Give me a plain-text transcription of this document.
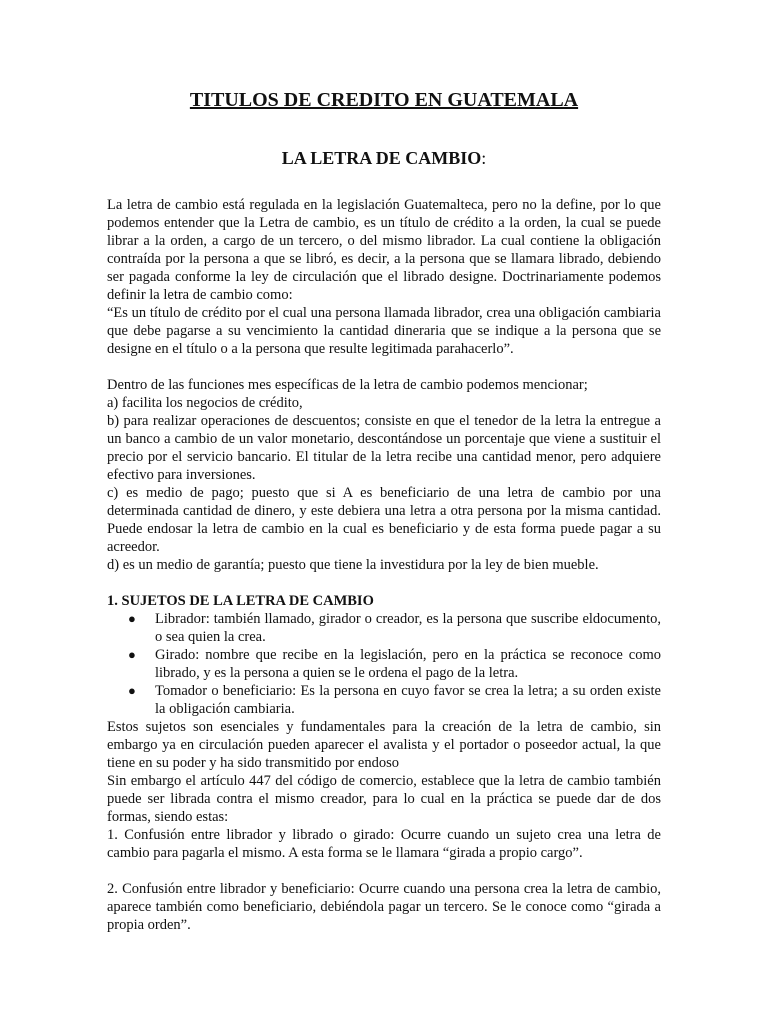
TITULOS DE CREDITO EN GUATEMALA
LA LETRA DE CAMBIO:

La letra de cambio está regulada en la legislación Guatemalteca, pero no la define, por lo que podemos entender que la Letra de cambio, es un título de crédito a la orden, la cual se puede librar a la orden, a cargo de un tercero, o del mismo librador. La cual contiene la obligación contraída por la persona a que se libró, es decir, a la persona que se llamara librado, debiendo ser pagada conforme la ley de circulación que el librado designe. Doctrinariamente podemos definir la letra de cambio como:

“Es un título de crédito por el cual una persona llamada librador, crea una obligación cambiaria que debe pagarse a su vencimiento la cantidad dineraria que se indique a la persona que se designe en el título o a la persona que resulte legitimada parahacerlo”.

Dentro de las funciones mes específicas de la letra de cambio podemos mencionar;

a) facilita los negocios de crédito,

b) para realizar operaciones de descuentos; consiste en que el tenedor de la letra la entregue a un banco a cambio de un valor monetario, descontándose un porcentaje que viene a sustituir el precio por el servicio bancario. El titular de la letra recibe una cantidad menor, pero adquiere efectivo para inversiones.

c) es medio de pago; puesto que si A es beneficiario de una letra de cambio por una determinada cantidad de dinero, y este debiera una letra a otra persona por la misma cantidad. Puede endosar la letra de cambio en la cual es beneficiario y de esta forma puede pagar a su acreedor.

d) es un medio de garantía; puesto que tiene la investidura por la ley de bien mueble.

1. SUJETOS DE LA LETRA DE CAMBIO

● Librador: también llamado, girador o creador, es la persona que suscribe eldocumento, o sea quien la crea.
● Girado: nombre que recibe en la legislación, pero en la práctica se reconoce como librado, y es la persona a quien se le ordena el pago de la letra.
● Tomador o beneficiario: Es la persona en cuyo favor se crea la letra; a su orden existe la obligación cambiaria.

Estos sujetos son esenciales y fundamentales para la creación de la letra de cambio, sin embargo ya en circulación pueden aparecer el avalista y el portador o poseedor actual, la que tiene en su poder y ha sido transmitido por endoso

Sin embargo el artículo 447 del código de comercio, establece que la letra de cambio también puede ser librada contra el mismo creador, para lo cual en la práctica se puede dar de dos formas, siendo estas:

1. Confusión entre librador y librado o girado: Ocurre cuando un sujeto crea una letra de cambio para pagarla el mismo. A esta forma se le llamara “girada a propio cargo”.

2. Confusión entre librador y beneficiario: Ocurre cuando una persona crea la letra de cambio, aparece también como beneficiario, debiéndola pagar un tercero. Se le conoce como “girada a propia orden”.
